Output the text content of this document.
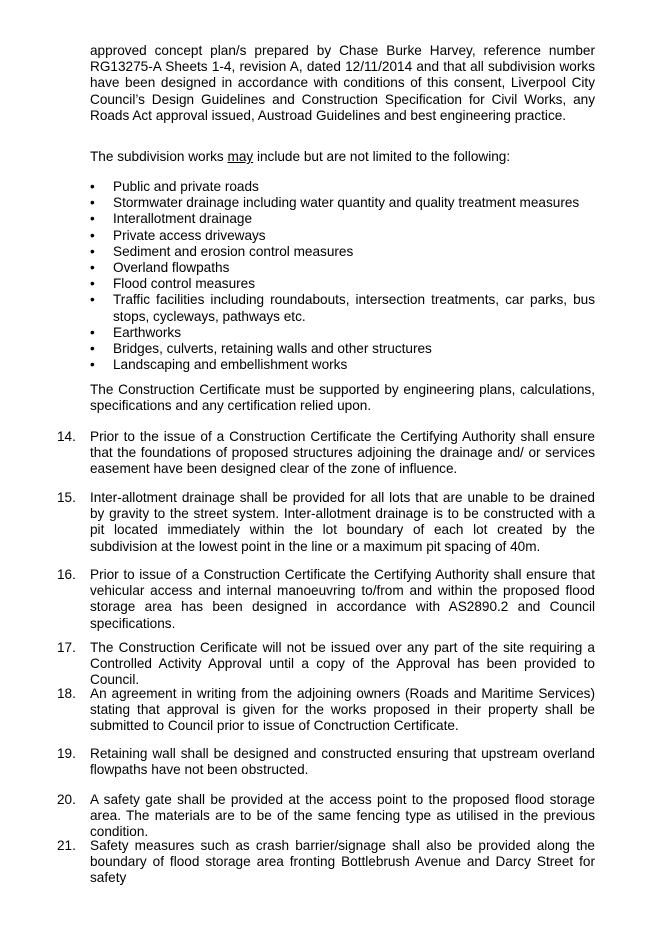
approved concept plan/s prepared by Chase Burke Harvey, reference number RG13275-A Sheets 1-4, revision A, dated 12/11/2014 and that all subdivision works have been designed in accordance with conditions of this consent, Liverpool City Council’s Design Guidelines and Construction Specification for Civil Works, any Roads Act approval issued, Austroad Guidelines and best engineering practice.
The subdivision works may include but are not limited to the following:
• Public and private roads
• Stormwater drainage including water quantity and quality treatment measures
• Interallotment drainage
• Private access driveways
• Sediment and erosion control measures
• Overland flowpaths
• Flood control measures
• Traffic facilities including roundabouts, intersection treatments, car parks, bus stops, cycleways, pathways etc.
• Earthworks
• Bridges, culverts, retaining walls and other structures
• Landscaping and embellishment works
The Construction Certificate must be supported by engineering plans, calculations, specifications and any certification relied upon.
14.	Prior to the issue of a Construction Certificate the Certifying Authority shall ensure that the foundations of proposed structures adjoining the drainage and/ or services easement have been designed clear of the zone of influence.
15.	Inter-allotment drainage shall be provided for all lots that are unable to be drained by gravity to the street system. Inter-allotment drainage is to be constructed with a pit located immediately within the lot boundary of each lot created by the subdivision at the lowest point in the line or a maximum pit spacing of 40m.
16.	Prior to issue of a Construction Certificate the Certifying Authority shall ensure that vehicular access and internal manoeuvring to/from and within the proposed flood storage area has been designed in accordance with AS2890.2 and Council specifications.
17.	The Construction Cerificate will not be issued over any part of the site requiring a Controlled Activity Approval until a copy of the Approval has been provided to Council.
18.	An agreement in writing from the adjoining owners (Roads and Maritime Services) stating that approval is given for the works proposed in their property shall be submitted to Council prior to issue of Conctruction Certificate.
19.	Retaining wall shall be designed and constructed ensuring that upstream overland flowpaths have not been obstructed.
20.	A safety gate shall be provided at the access point to the proposed flood storage area. The materials are to be of the same fencing type as utilised in the previous condition.
21.	Safety measures such as crash barrier/signage shall also be provided along the boundary of flood storage area fronting Bottlebrush Avenue and Darcy Street for safety
